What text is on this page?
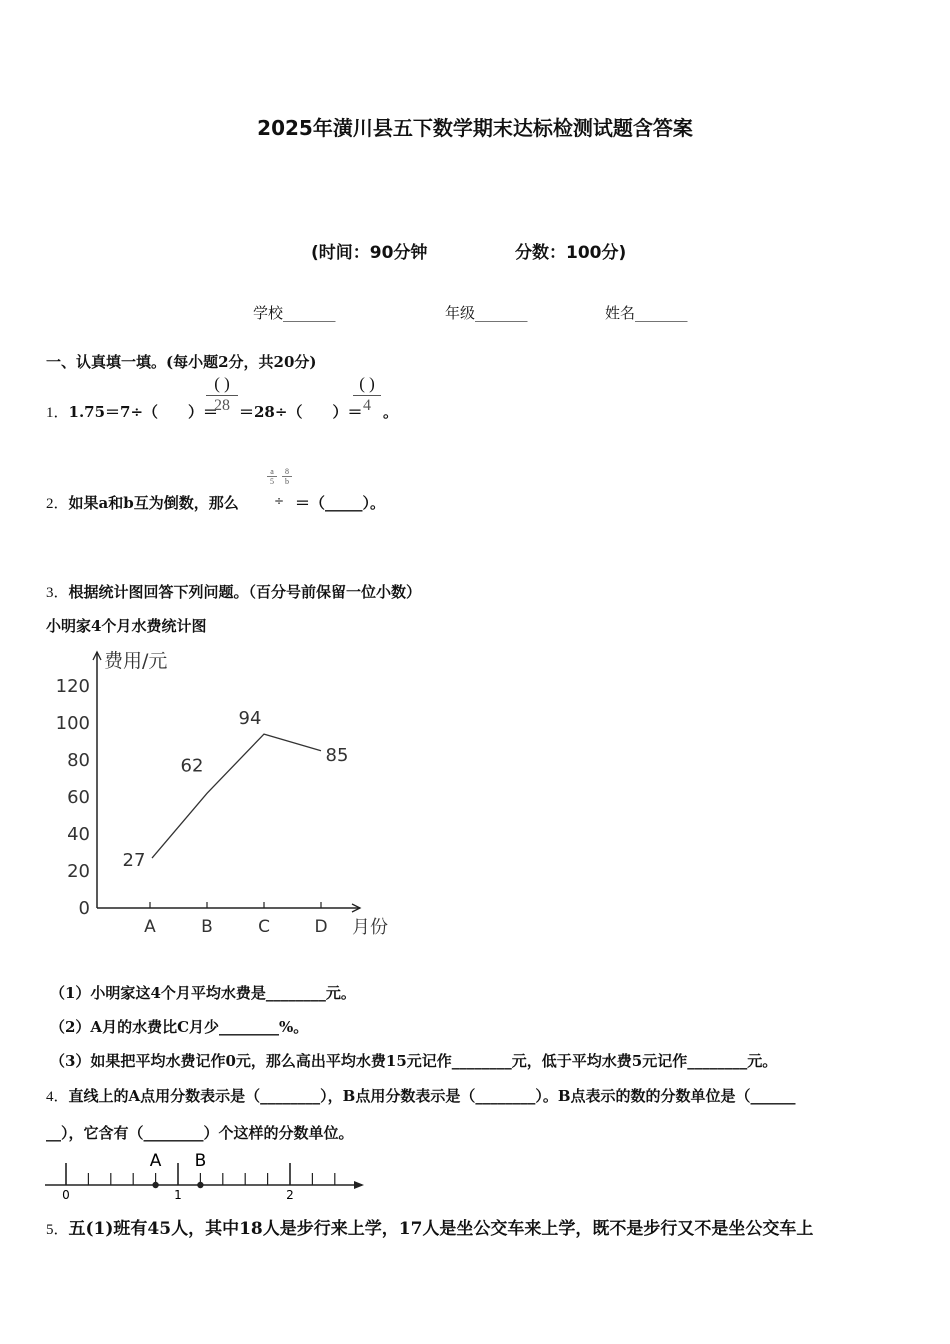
2025年潢川县五下数学期末达标检测试题含答案
(时间：90分钟	分数：100分)
学校_______	年级_______	姓名_______
一、认真填一填。(每小题2分，共20分)
1．1.75＝7÷（　　）＝
( )
28 ＝28÷（　　）＝
( )
4 。
2．如果a和b互为倒数，那么
a
5
8
b
÷ ＝（_____）。
3．根据统计图回答下列问题。（百分号前保留一位小数）
小明家4个月水费统计图
费用/元
月份
0
20
40
60
80
100
120
A	B	C	D
27
62
94
85
（1）小明家这4个月平均水费是________元。
（2）A月的水费比C月少________%。
（3）如果把平均水费记作0元，那么高出平均水费15元记作________元，低于平均水费5元记作________元。
4．直线上的A点用分数表示是（________），B点用分数表示是（________）。B点表示的数的分数单位是（______
__），它含有（________）个这样的分数单位。
0	1	2
A B
5．五(1)班有45人，其中18人是步行来上学，17人是坐公交车来上学，既不是步行又不是坐公交车上
